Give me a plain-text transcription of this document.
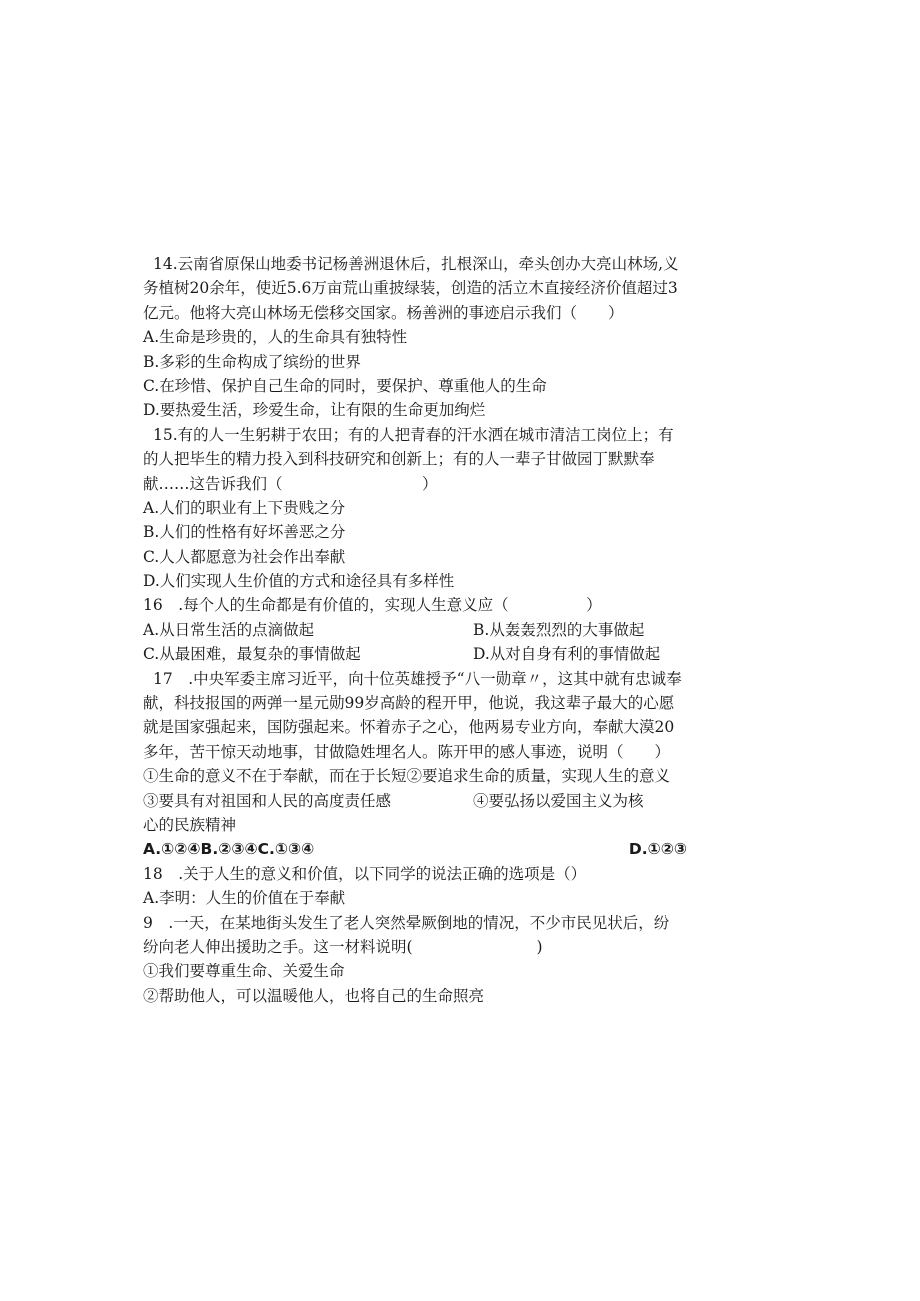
14.云南省原保山地委书记杨善洲退休后，扎根深山，牵头创办大亮山林场,义
务植树20余年，使近5.6万亩荒山重披绿装，创造的活立木直接经济价值超过3
亿元。他将大亮山林场无偿移交国家。杨善洲的事迹启示我们（　　）
A.生命是珍贵的，人的生命具有独特性
B.多彩的生命构成了缤纷的世界
C.在珍惜、保护自己生命的同时，要保护、尊重他人的生命
D.要热爱生活，珍爱生命，让有限的生命更加绚烂
15.有的人一生躬耕于农田；有的人把青春的汗水洒在城市清洁工岗位上；有
的人把毕生的精力投入到科技研究和创新上；有的人一辈子甘做园丁默默奉
献……这告诉我们（　　　　　　　　　）
A.人们的职业有上下贵贱之分
B.人们的性格有好坏善恶之分
C.人人都愿意为社会作出奉献
D.人们实现人生价值的方式和途径具有多样性
16　.每个人的生命都是有价值的，实现人生意义应（　　　　　）
A.从日常生活的点滴做起	B.从轰轰烈烈的大事做起
C.从最困难，最复杂的事情做起	D.从对自身有利的事情做起
17　.中央军委主席习近平，向十位英雄授予“八一勋章〃，这其中就有忠诚奉
献，科技报国的两弹一星元勋99岁高龄的程开甲，他说，我这辈子最大的心愿
就是国家强起来，国防强起来。怀着赤子之心，他两易专业方向，奉献大漠20
多年，苦干惊天动地事，甘做隐姓埋名人。陈开甲的感人事迹，说明（　　）
①生命的意义不在于奉献，而在于长短②要追求生命的质量，实现人生的意义
③要具有对祖国和人民的高度责任感	④要弘扬以爱国主义为核
心的民族精神
A.①②④B.②③④C.①③④	D.①②③
18　.关于人生的意义和价值，以下同学的说法正确的选项是（）
A.李明：人生的价值在于奉献
9　.一天，在某地街头发生了老人突然晕厥倒地的情况，不少市民见状后，纷
纷向老人伸出援助之手。这一材料说明(　　　　　　　　)
①我们要尊重生命、关爱生命
②帮助他人，可以温暖他人，也将自己的生命照亮
